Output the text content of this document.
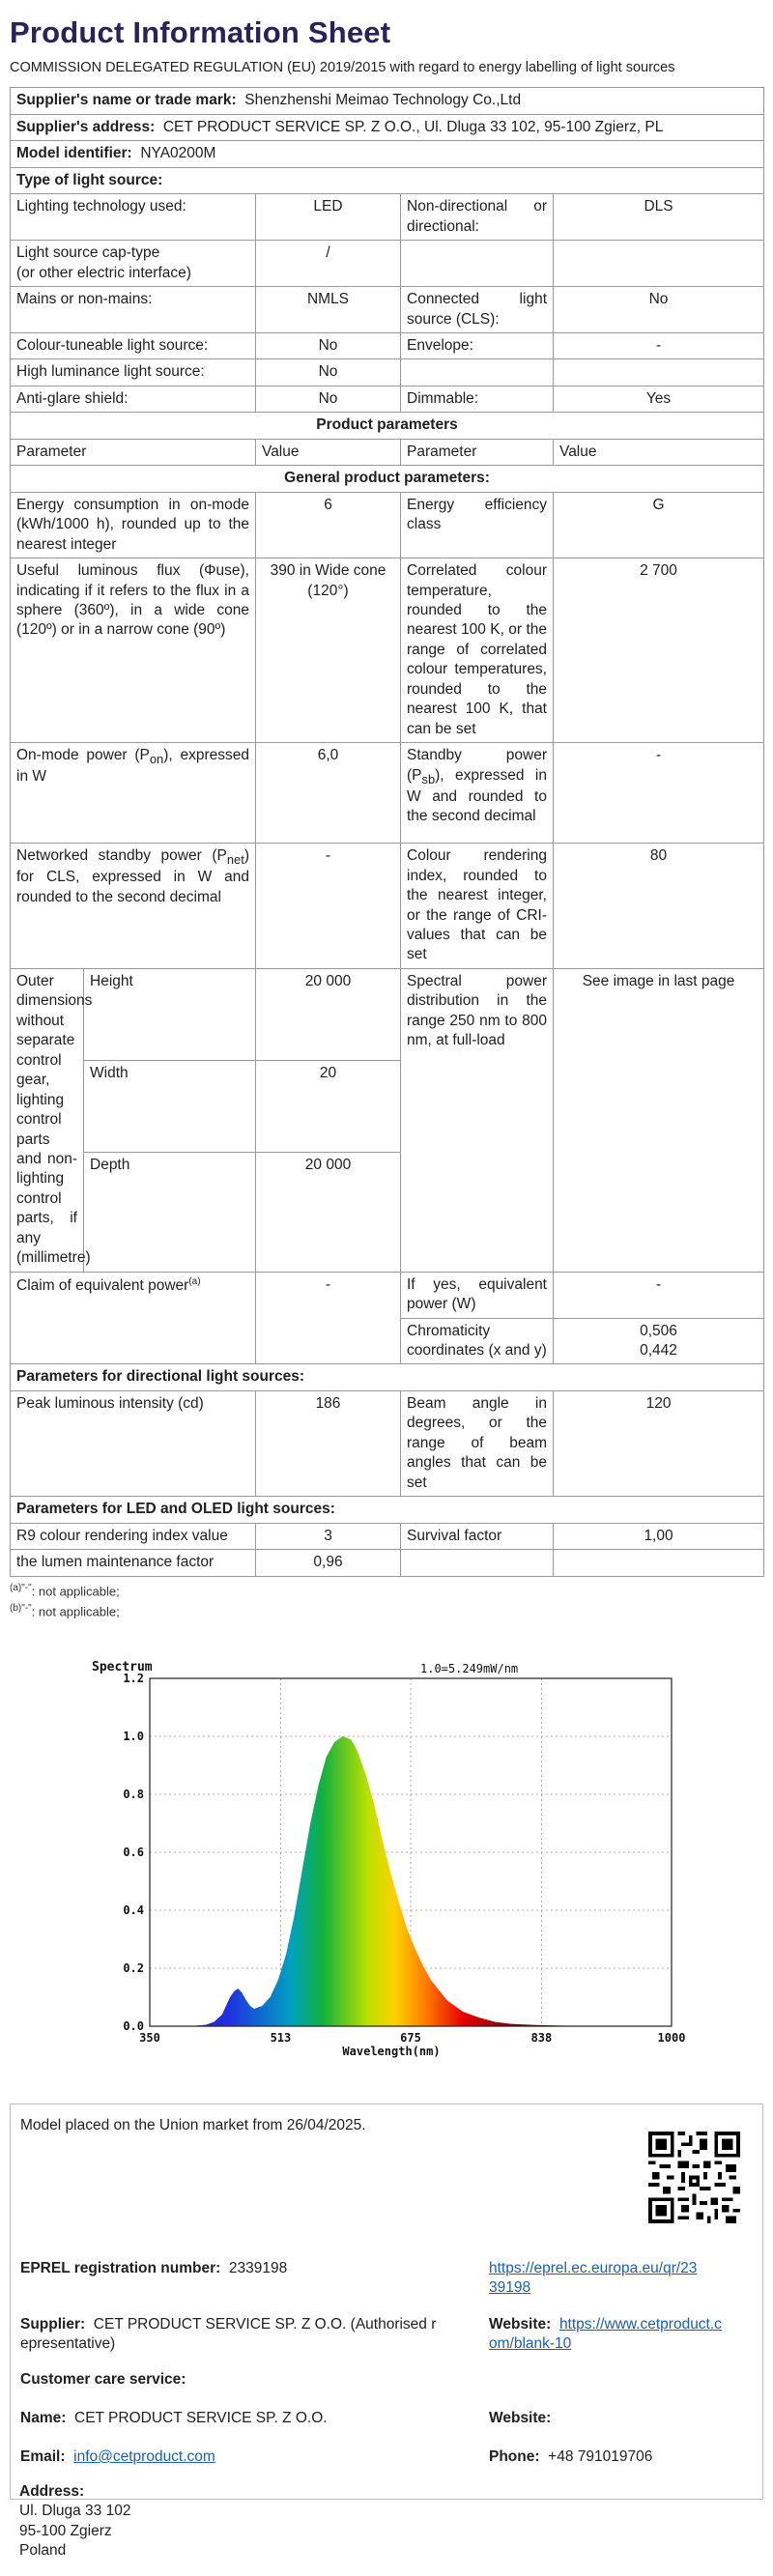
Product Information Sheet
COMMISSION DELEGATED REGULATION (EU) 2019/2015 with regard to energy labelling of light sources
Supplier's name or trade mark: Shenzhenshi Meimao Technology Co.,Ltd				
Supplier's address: CET PRODUCT SERVICE SP. Z O.O., Ul. Dluga 33 102, 95-100 Zgierz, PL				
Model identifier: NYA0200M				
Type of light source:				
Lighting technology used:		LED	Non-directional or directional:	DLS

Light source cap-type
(or other electric interface)		/		
Mains or non-mains:		NMLS	Connected light source (CLS):	No
Colour-tuneable light source:		No	Envelope:	-
High luminance light source:		No		
Anti-glare shield:		No	Dimmable:	Yes
Product parameters				
Parameter		Value	Parameter	Value
General product parameters:				
Energy consumption in on-mode (kWh/1000 h), rounded up to the nearest integer		6	Energy efficiency class	G
Useful luminous flux (Φuse), indicating if it refers to the flux in a sphere (360º), in a wide cone (120º) or in a narrow cone (90º)		390 in Wide cone (120°)	Correlated colour temperature, rounded to the nearest 100 K, or the range of correlated colour temperatures, rounded to the nearest 100 K, that can be set	2 700
On-mode power $(P_{on})$, expressed in W		6,0	Standby power $(P_{sb})$, expressed in W and rounded to the second decimal	-
Networked standby power $(P_{net})$ for CLS, expressed in W and rounded to the second decimal		-	Colour rendering index, rounded to the nearest integer, or the range of CRI-values that can be set	80
Outer dimensions without separate control gear, lighting control parts and non-lighting control parts, if any (millimetre)	Height	20 000	Spectral power distribution in the range 250 nm to 800 nm, at full-load	See image in last page
	Width	20		
	Depth	20 000		
Claim of equivalent power$^{(a)}$		-	If yes, equivalent power (W)	-
			Chromaticity coordinates (x and y)	0,506
0,442

Parameters for directional light sources:				
Peak luminous intensity (cd)		186	Beam angle in degrees, or the range of beam angles that can be set	120
Parameters for LED and OLED light sources:				
R9 colour rendering index value		3	Survival factor	1,00
the lumen maintenance factor		0,96		
$^{(a)"-"}$: not applicable;
$^{(b)"-"}$: not applicable;
0.0
0.2
0.4
0.6
0.8
1.0
1.2
350	513	675	838	1000
Spectrum	1.0=5.249mW/nm
Wavelength(nm)
Model placed on the Union market from 26/04/2025.
EPREL registration number: 2339198	https://eprel.ec.europa.eu/qr/23
39198
Supplier: CET PRODUCT SERVICE SP. Z O.O. (Authorised r
epresentative)
Website: https://www.cetproduct.c
om/blank-10
Customer care service:
Name: CET PRODUCT SERVICE SP. Z O.O.	Website:
Email: info@cetproduct.com	Phone: +48 791019706
Address:
Ul. Dluga 33 102
95-100 Zgierz
Poland
